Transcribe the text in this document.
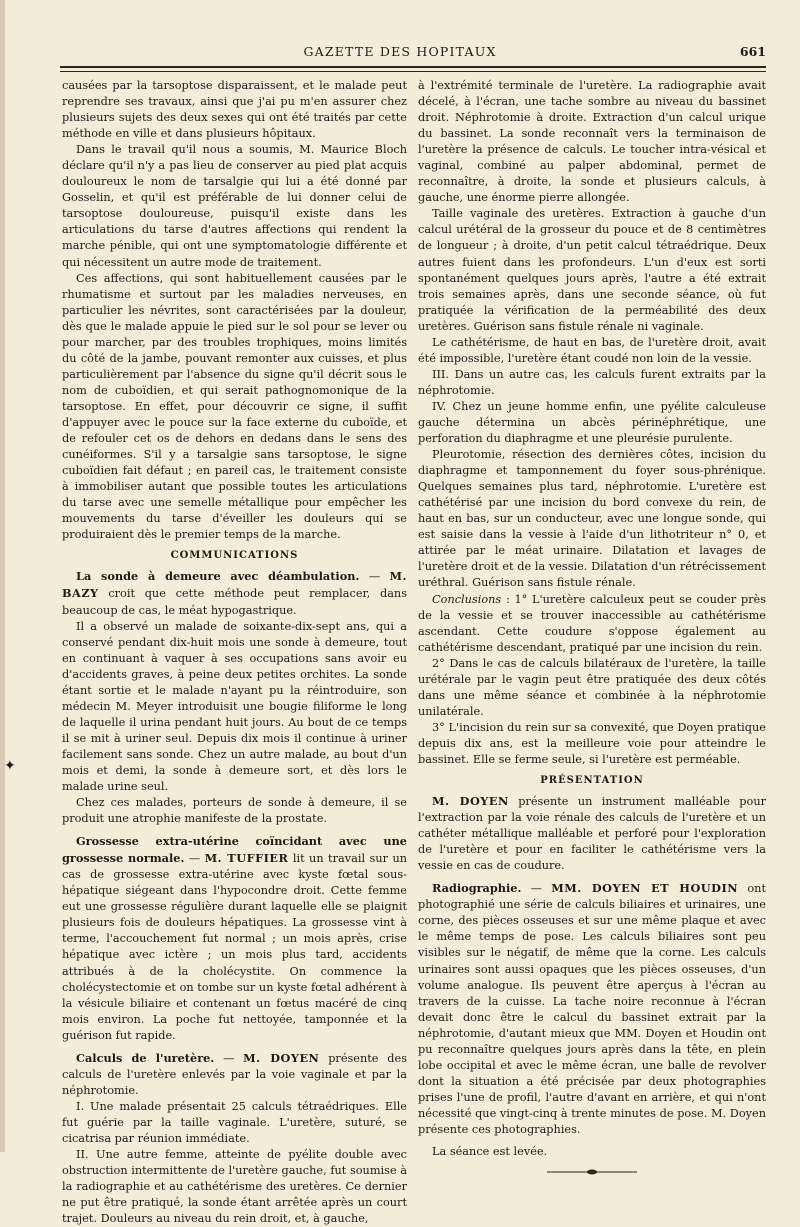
GAZETTE DES HOPITAUX	661
✦

causées par la tarsoptose disparaissent, et le malade peut reprendre ses travaux, ainsi que j'ai pu m'en assurer chez plusieurs sujets des deux sexes qui ont été traités par cette méthode en ville et dans plusieurs hôpitaux.

Dans le travail qu'il nous a soumis, M. Maurice Bloch déclare qu'il n'y a pas lieu de conserver au pied plat acquis douloureux le nom de tarsalgie qui lui a été donné par Gosselin, et qu'il est préférable de lui donner celui de tarsoptose douloureuse, puisqu'il existe dans les articulations du tarse d'autres affections qui rendent la marche pénible, qui ont une symptomatologie différente et qui nécessitent un autre mode de traitement.

Ces affections, qui sont habituellement causées par le rhumatisme et surtout par les maladies nerveuses, en particulier les névrites, sont caractérisées par la douleur, dès que le malade appuie le pied sur le sol pour se lever ou pour marcher, par des troubles trophiques, moins limités du côté de la jambe, pouvant remonter aux cuisses, et plus particulièrement par l'absence du signe qu'il décrit sous le nom de cuboïdien, et qui serait pathognomonique de la tarsoptose. En effet, pour découvrir ce signe, il suffit d'appuyer avec le pouce sur la face externe du cuboïde, et de refouler cet os de dehors en dedans dans le sens des cunéiformes. S'il y a tarsalgie sans tarsoptose, le signe cuboïdien fait défaut ; en pareil cas, le traitement consiste à immobiliser autant que possible toutes les articulations du tarse avec une semelle métallique pour empêcher les mouvements du tarse d'éveiller les douleurs qui se produiraient dès le premier temps de la marche.

COMMUNICATIONS

La sonde à demeure avec déambulation. — M. BAZY croit que cette méthode peut remplacer, dans beaucoup de cas, le méat hypogastrique.

Il a observé un malade de soixante-dix-sept ans, qui a conservé pendant dix-huit mois une sonde à demeure, tout en continuant à vaquer à ses occupations sans avoir eu d'accidents graves, à peine deux petites orchites. La sonde étant sortie et le malade n'ayant pu la réintroduire, son médecin M. Meyer introduisit une bougie filiforme le long de laquelle il urina pendant huit jours. Au bout de ce temps il se mit à uriner seul. Depuis dix mois il continue à uriner facilement sans sonde. Chez un autre malade, au bout d'un mois et demi, la sonde à demeure sort, et dès lors le malade urine seul.

Chez ces malades, porteurs de sonde à demeure, il se produit une atrophie manifeste de la prostate.

Grossesse extra-utérine coïncidant avec une grossesse normale. — M. TUFFIER lit un travail sur un cas de grossesse extra-utérine avec kyste fœtal sous-hépatique siégeant dans l'hypocondre droit. Cette femme eut une grossesse régulière durant laquelle elle se plaignit plusieurs fois de douleurs hépatiques. La grossesse vint à terme, l'accouchement fut normal ; un mois après, crise hépatique avec ictère ; un mois plus tard, accidents attribués à de la cholécystite. On commence la cholécystectomie et on tombe sur un kyste fœtal adhérent à la vésicule biliaire et contenant un fœtus macéré de cinq mois environ. La poche fut nettoyée, tamponnée et la guérison fut rapide.

Calculs de l'uretère. — M. DOYEN présente des calculs de l'uretère enlevés par la voie vaginale et par la néphrotomie.

I. Une malade présentait 25 calculs tétraédriques. Elle fut guérie par la taille vaginale. L'uretère, suturé, se cicatrisa par réunion immédiate.

II. Une autre femme, atteinte de pyélite double avec obstruction intermittente de l'uretère gauche, fut soumise à la radiographie et au cathétérisme des uretères. Ce dernier ne put être pratiqué, la sonde étant arrêtée après un court trajet. Douleurs au niveau du rein droit, et, à gauche,

à l'extrémité terminale de l'uretère. La radiographie avait décelé, à l'écran, une tache sombre au niveau du bassinet droit. Néphrotomie à droite. Extraction d'un calcul urique du bassinet. La sonde reconnaît vers la terminaison de l'uretère la présence de calculs. Le toucher intra-vésical et vaginal, combiné au palper abdominal, permet de reconnaître, à droite, la sonde et plusieurs calculs, à gauche, une énorme pierre allongée.

Taille vaginale des uretères. Extraction à gauche d'un calcul urétéral de la grosseur du pouce et de 8 centimètres de longueur ; à droite, d'un petit calcul tétraédrique. Deux autres fuient dans les profondeurs. L'un d'eux est sorti spontanément quelques jours après, l'autre a été extrait trois semaines après, dans une seconde séance, où fut pratiquée la vérification de la perméabilité des deux uretères. Guérison sans fistule rénale ni vaginale.

Le cathétérisme, de haut en bas, de l'uretère droit, avait été impossible, l'uretère étant coudé non loin de la vessie.

III. Dans un autre cas, les calculs furent extraits par la néphrotomie.

IV. Chez un jeune homme enfin, une pyélite calculeuse gauche détermina un abcès périnéphrétique, une perforation du diaphragme et une pleurésie purulente.

Pleurotomie, résection des dernières côtes, incision du diaphragme et tamponnement du foyer sous-phrénique. Quelques semaines plus tard, néphrotomie. L'uretère est cathétérisé par une incision du bord convexe du rein, de haut en bas, sur un conducteur, avec une longue sonde, qui est saisie dans la vessie à l'aide d'un lithotriteur n° 0, et attirée par le méat urinaire. Dilatation et lavages de l'uretère droit et de la vessie. Dilatation d'un rétrécissement uréthral. Guérison sans fistule rénale.

Conclusions : 1° L'uretère calculeux peut se couder près de la vessie et se trouver inaccessible au cathétérisme ascendant. Cette coudure s'oppose également au cathétérisme descendant, pratiqué par une incision du rein.

2° Dans le cas de calculs bilatéraux de l'uretère, la taille urétérale par le vagin peut être pratiquée des deux côtés dans une même séance et combinée à la néphrotomie unilatérale.

3° L'incision du rein sur sa convexité, que Doyen pratique depuis dix ans, est la meilleure voie pour atteindre le bassinet. Elle se ferme seule, si l'uretère est perméable.

PRÉSENTATION

M. DOYEN présente un instrument malléable pour l'extraction par la voie rénale des calculs de l'uretère et un cathéter métallique malléable et perforé pour l'exploration de l'uretère et pour en faciliter le cathétérisme vers la vessie en cas de coudure.

Radiographie. — MM. DOYEN ET HOUDIN ont photographié une série de calculs biliaires et urinaires, une corne, des pièces osseuses et sur une même plaque et avec le même temps de pose. Les calculs biliaires sont peu visibles sur le négatif, de même que la corne. Les calculs urinaires sont aussi opaques que les pièces osseuses, d'un volume analogue. Ils peuvent être aperçus à l'écran au travers de la cuisse. La tache noire reconnue à l'écran devait donc être le calcul du bassinet extrait par la néphrotomie, d'autant mieux que MM. Doyen et Houdin ont pu reconnaître quelques jours après dans la tête, en plein lobe occipital et avec le même écran, une balle de revolver dont la situation a été précisée par deux photographies prises l'une de profil, l'autre d'avant en arrière, et qui n'ont nécessité que vingt-cinq à trente minutes de pose. M. Doyen présente ces photographies.

La séance est levée.
